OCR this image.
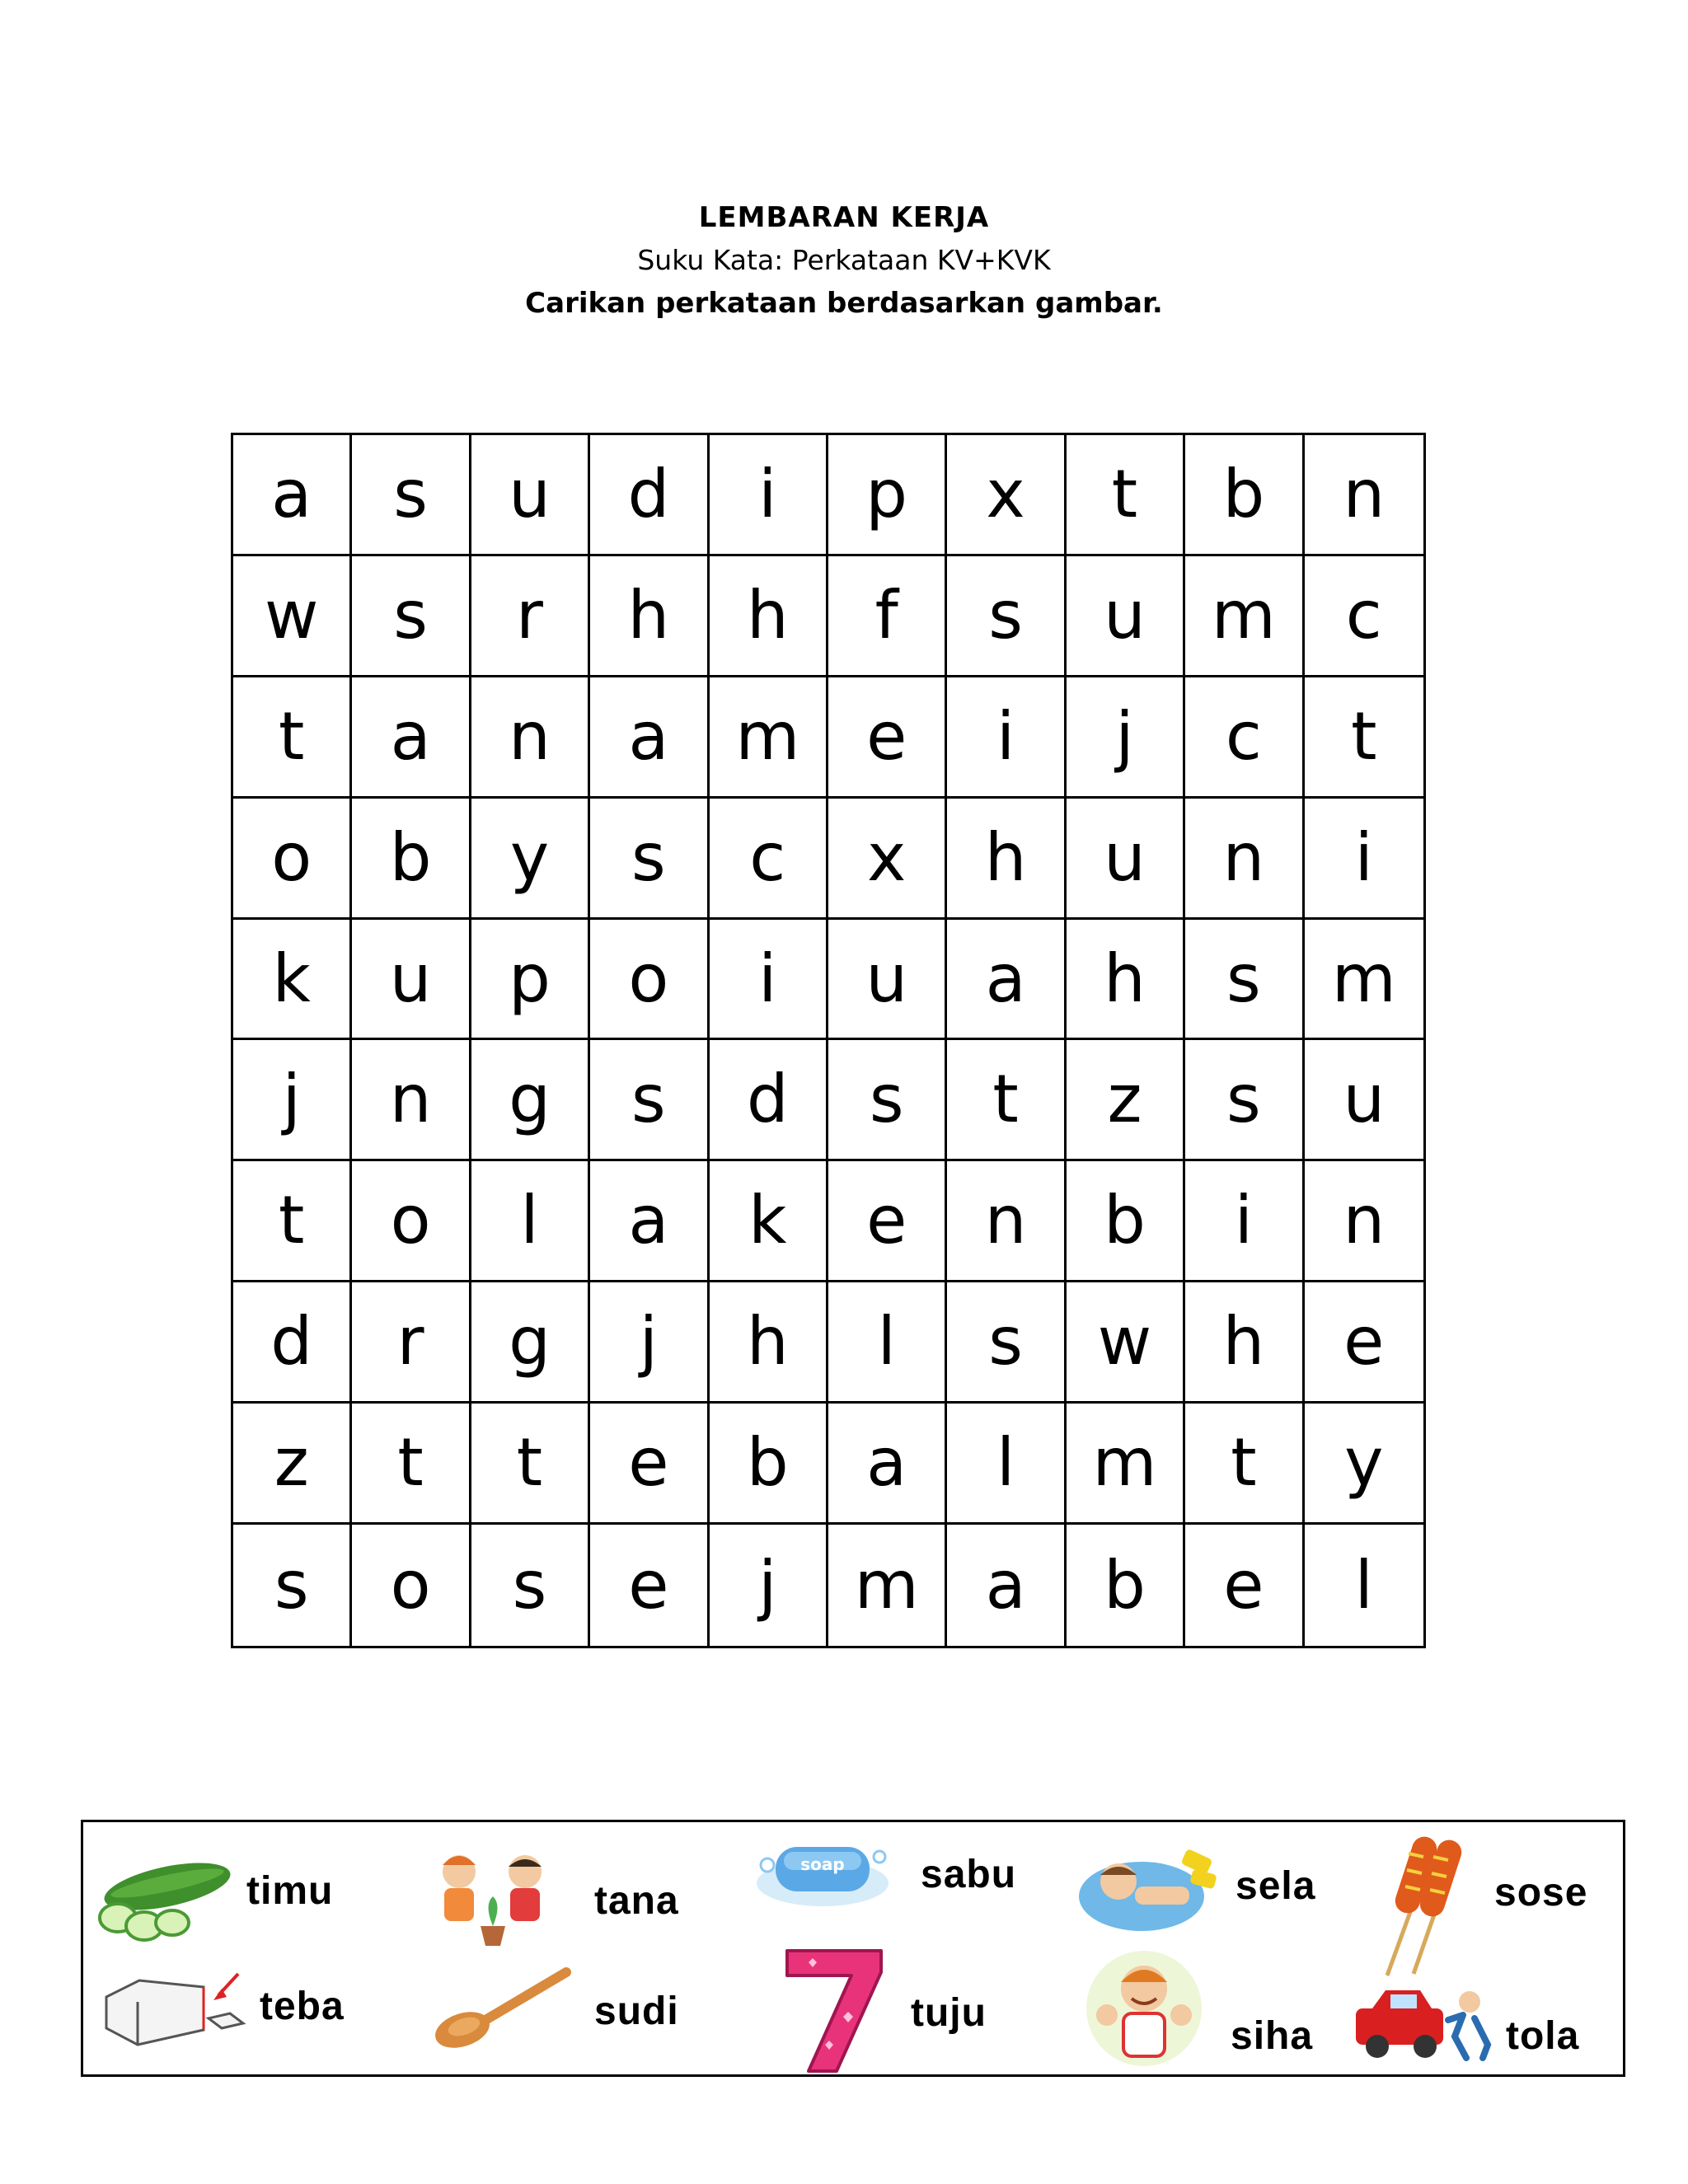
LEMBARAN KERJA
Suku Kata: Perkataan KV+KVK
Carikan perkataan berdasarkan gambar.
a	s	u	d	i	p	x	t	b	n
w	s	r	h	h	f	s	u	m	c
t	a	n	a	m	e	i	j	c	t
o	b	y	s	c	x	h	u	n	i
k	u	p	o	i	u	a	h	s	m
j	n	g	s	d	s	t	z	s	u
t	o	l	a	k	e	n	b	i	n
d	r	g	j	h	l	s	w	h	e
z	t	t	e	b	a	l	m	t	y
s	o	s	e	j	m	a	b	e	l
timu	tana
soap sabu	sela	sose
teba	sudi	tuju
siha	tola
